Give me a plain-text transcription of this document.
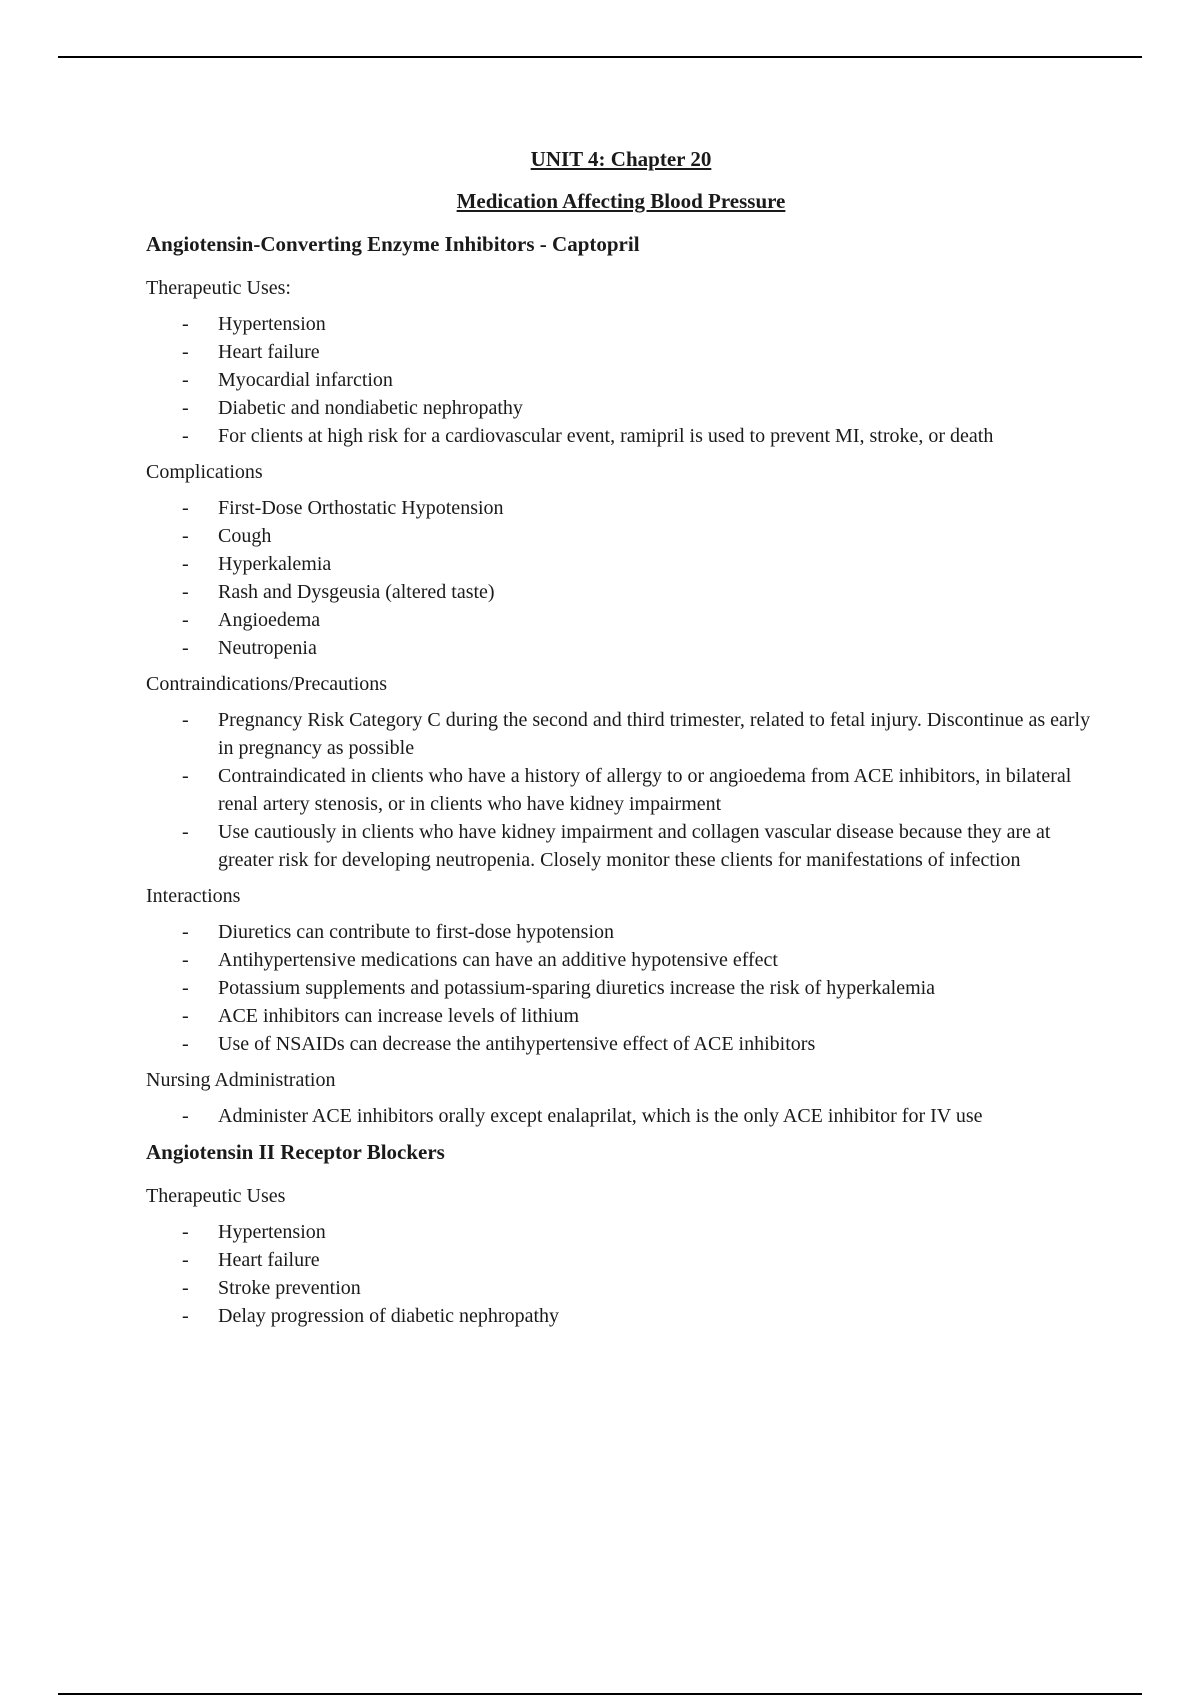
UNIT 4: Chapter 20

Medication Affecting Blood Pressure

Angiotensin-Converting Enzyme Inhibitors - Captopril

Therapeutic Uses:

- Hypertension
- Heart failure
- Myocardial infarction
- Diabetic and nondiabetic nephropathy
- For clients at high risk for a cardiovascular event, ramipril is used to prevent MI, stroke, or death

Complications

- First-Dose Orthostatic Hypotension
- Cough
- Hyperkalemia
- Rash and Dysgeusia (altered taste)
- Angioedema
- Neutropenia

Contraindications/Precautions

- Pregnancy Risk Category C during the second and third trimester, related to fetal injury. Discontinue as early in pregnancy as possible
- Contraindicated in clients who have a history of allergy to or angioedema from ACE inhibitors, in bilateral renal artery stenosis, or in clients who have kidney impairment
- Use cautiously in clients who have kidney impairment and collagen vascular disease because they are at greater risk for developing neutropenia. Closely monitor these clients for manifestations of infection

Interactions

- Diuretics can contribute to first-dose hypotension
- Antihypertensive medications can have an additive hypotensive effect
- Potassium supplements and potassium-sparing diuretics increase the risk of hyperkalemia
- ACE inhibitors can increase levels of lithium
- Use of NSAIDs can decrease the antihypertensive effect of ACE inhibitors

Nursing Administration

- Administer ACE inhibitors orally except enalaprilat, which is the only ACE inhibitor for IV use

Angiotensin II Receptor Blockers

Therapeutic Uses

- Hypertension
- Heart failure
- Stroke prevention
- Delay progression of diabetic nephropathy
